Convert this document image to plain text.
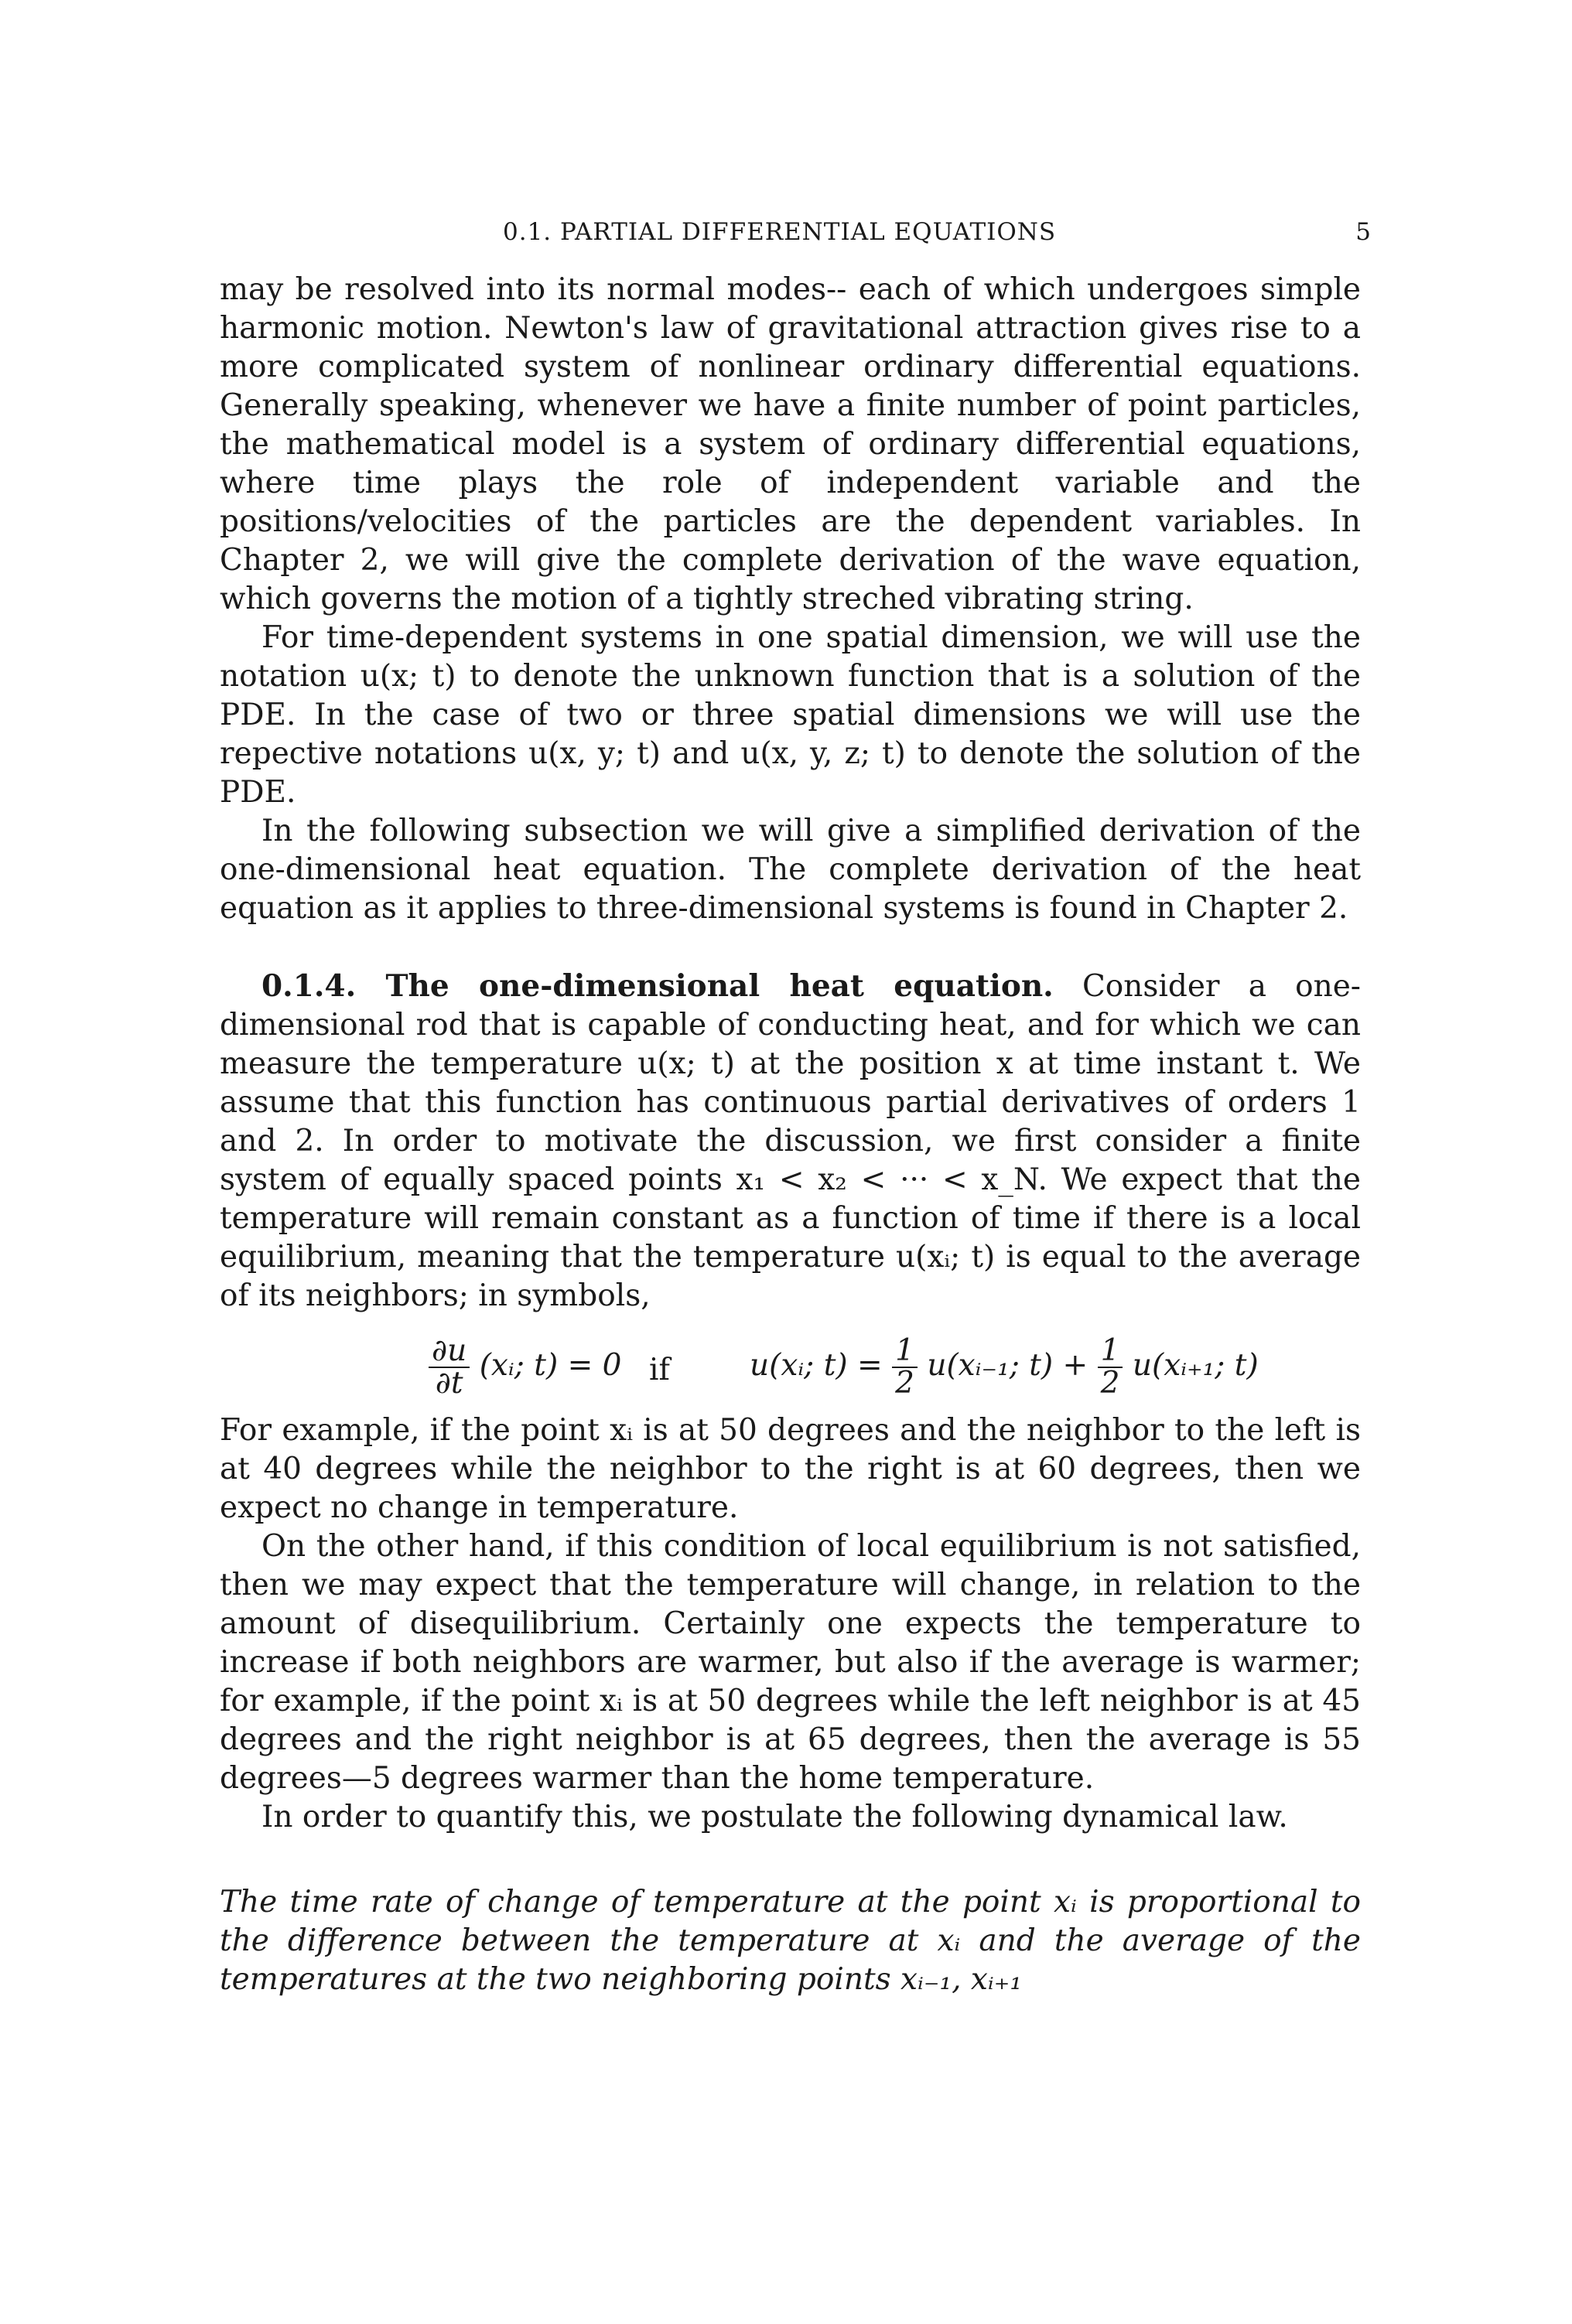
0.1. PARTIAL DIFFERENTIAL EQUATIONS	5

may be resolved into its normal modes-- each of which undergoes simple harmonic motion. Newton's law of gravitational attraction gives rise to a more complicated system of nonlinear ordinary differential equations. Generally speaking, whenever we have a finite number of point particles, the mathematical model is a system of ordinary differential equations, where time plays the role of independent variable and the positions/velocities of the particles are the dependent variables. In Chapter 2, we will give the complete derivation of the wave equation, which governs the motion of a tightly streched vibrating string.

For time-dependent systems in one spatial dimension, we will use the notation u(x; t) to denote the unknown function that is a solution of the PDE. In the case of two or three spatial dimensions we will use the repective notations u(x, y; t) and u(x, y, z; t) to denote the solution of the PDE.

In the following subsection we will give a simplified derivation of the one-dimensional heat equation. The complete derivation of the heat equation as it applies to three-dimensional systems is found in Chapter 2.

0.1.4. The one-dimensional heat equation. Consider a one-dimensional rod that is capable of conducting heat, and for which we can measure the temperature u(x; t) at the position x at time instant t. We assume that this function has continuous partial derivatives of orders 1 and 2. In order to motivate the discussion, we first consider a finite system of equally spaced points x₁ < x₂ < ··· < x_N. We expect that the temperature will remain constant as a function of time if there is a local equilibrium, meaning that the temperature u(xᵢ; t) is equal to the average of its neighbors; in symbols,

$\frac{\partial u}{\partial t}$ (xᵢ; t) = 0 if	u(xᵢ; $t) = \frac{1}{2}$ u(xᵢ₋₁; $t) + \frac{1}{2}$ u(xᵢ₊₁; t)

For example, if the point xᵢ is at 50 degrees and the neighbor to the left is at 40 degrees while the neighbor to the right is at 60 degrees, then we expect no change in temperature.

On the other hand, if this condition of local equilibrium is not satisfied, then we may expect that the temperature will change, in relation to the amount of disequilibrium. Certainly one expects the temperature to increase if both neighbors are warmer, but also if the average is warmer; for example, if the point xᵢ is at 50 degrees while the left neighbor is at 45 degrees and the right neighbor is at 65 degrees, then the average is 55 degrees—5 degrees warmer than the home temperature.

In order to quantify this, we postulate the following dynamical law.

The time rate of change of temperature at the point xᵢ is proportional to the difference between the temperature at xᵢ and the average of the temperatures at the two neighboring points xᵢ₋₁, xᵢ₊₁
